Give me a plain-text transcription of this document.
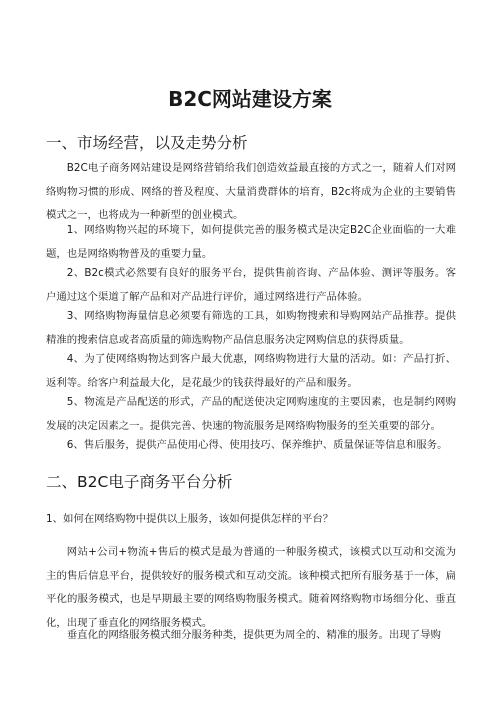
B2C网站建设方案
一、市场经营，以及走势分析

B2C电子商务网站建设是网络营销给我们创造效益最直接的方式之一，随着人们对网络购物习惯的形成、网络的普及程度、大量消费群体的培育，B2c将成为企业的主要销售模式之一，也将成为一种新型的创业模式。

1、网络购物兴起的环境下，如何提供完善的服务模式是决定B2C企业面临的一大难题，也是网络购物普及的重要力量。

2、B2c模式必然要有良好的服务平台，提供售前咨询、产品体验、测评等服务。客户通过这个渠道了解产品和对产品进行评价，通过网络进行产品体验。

3、网络购物海量信息必须要有筛选的工具，如购物搜索和导购网站产品推荐。提供精准的搜索信息或者高质量的筛选购物产品信息服务决定网购信息的获得质量。

4、为了使网络购物达到客户最大优惠，网络购物进行大量的活动。如：产品打折、返利等。给客户利益最大化，是花最少的钱获得最好的产品和服务。

5、物流是产品配送的形式，产品的配送使决定网购速度的主要因素，也是制约网购发展的决定因素之一。提供完善、快速的物流服务是网络购物服务的至关重要的部分。

6、售后服务，提供产品使用心得、使用技巧、保养维护、质量保证等信息和服务。

二、B2C电子商务平台分析

1、如何在网络购物中提供以上服务，该如何提供怎样的平台？

网站+公司+物流+售后的模式是最为普通的一种服务模式，该模式以互动和交流为主的售后信息平台，提供较好的服务模式和互动交流。该种模式把所有服务基于一体，扁平化的服务模式，也是早期最主要的网络购物服务模式。随着网络购物市场细分化、垂直化，出现了垂直化的网络服务模式。

垂直化的网络服务模式细分服务种类，提供更为周全的、精准的服务。出现了导购
